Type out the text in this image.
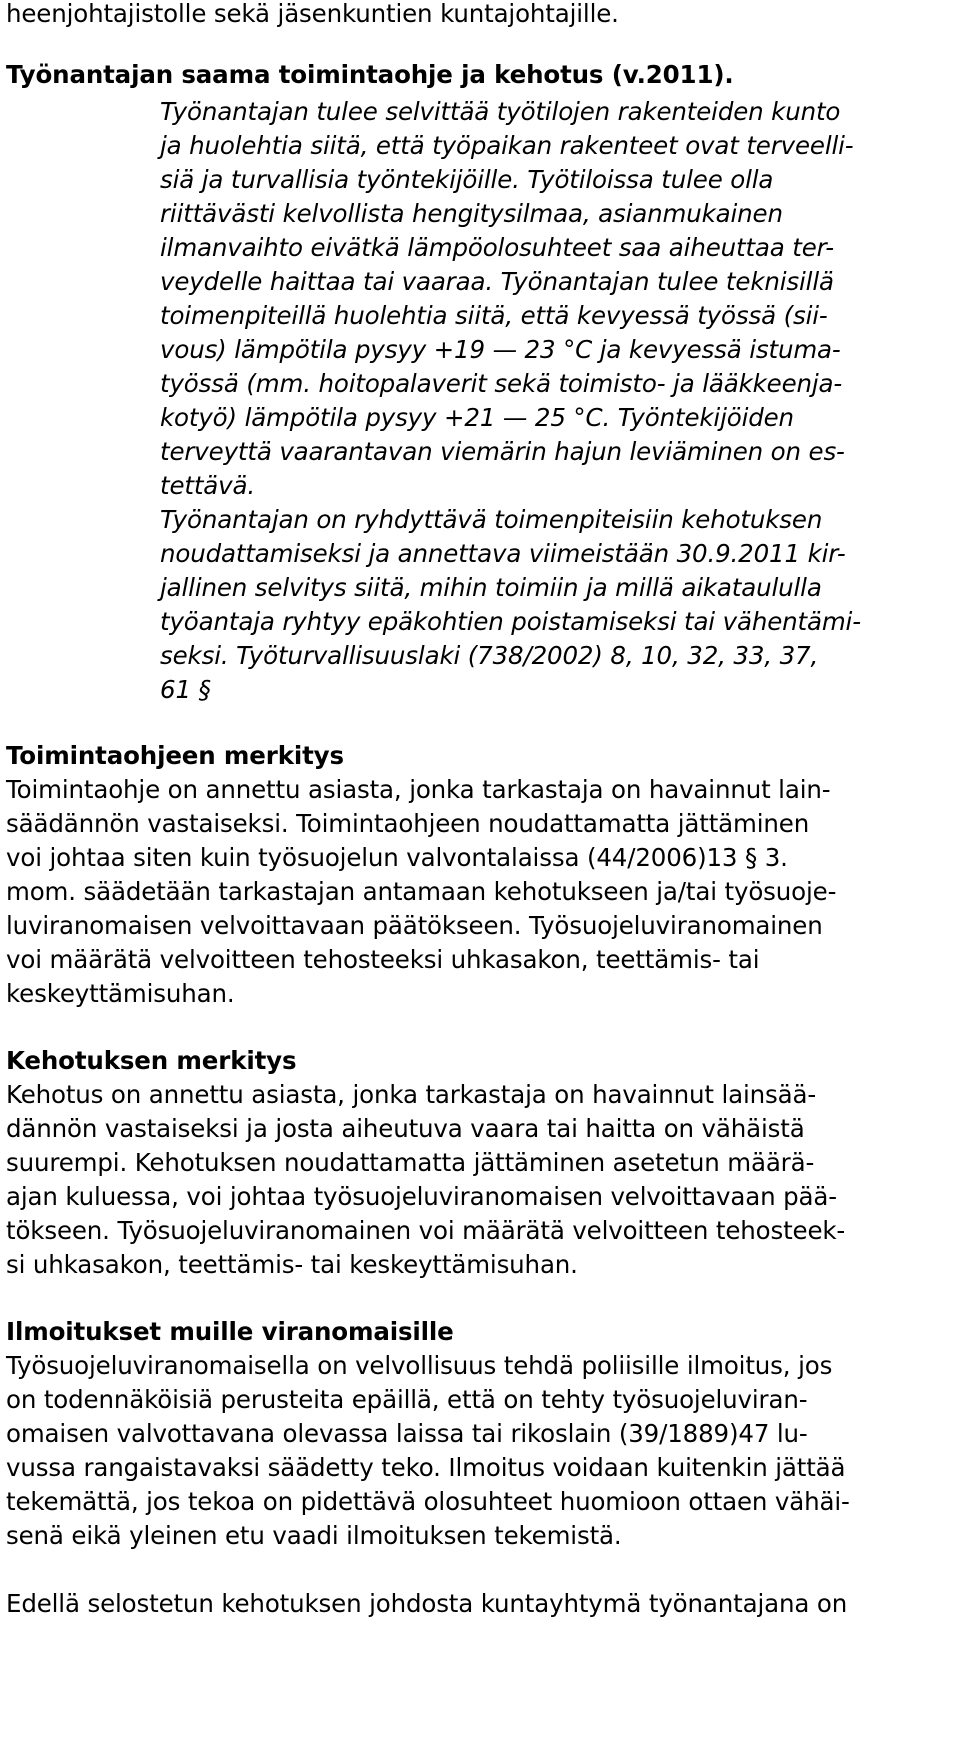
heenjohtajistolle sekä jäsenkuntien kuntajohtajille.
Työnantajan saama toimintaohje ja kehotus (v.2011).
Työnantajan tulee selvittää työtilojen rakenteiden kunto
ja huolehtia siitä, että työpaikan rakenteet ovat terveelli-
siä ja turvallisia työntekijöille. Työtiloissa tulee olla
riittävästi kelvollista hengitysilmaa, asianmukainen
ilmanvaihto eivätkä lämpöolosuhteet saa aiheuttaa ter-
veydelle haittaa tai vaaraa. Työnantajan tulee teknisillä
toimenpiteillä huolehtia siitä, että kevyessä työssä (sii-
vous) lämpötila pysyy +19 — 23 °C ja kevyessä istuma-
työssä (mm. hoitopalaverit sekä toimisto- ja lääkkeenja-
kotyö) lämpötila pysyy +21 — 25 °C. Työntekijöiden
terveyttä vaarantavan viemärin hajun leviäminen on es-
tettävä.
Työnantajan on ryhdyttävä toimenpiteisiin kehotuksen
noudattamiseksi ja annettava viimeistään 30.9.2011 kir-
jallinen selvitys siitä, mihin toimiin ja millä aikataululla
työantaja ryhtyy epäkohtien poistamiseksi tai vähentämi-
seksi. Työturvallisuuslaki (738/2002) 8, 10, 32, 33, 37,
61 §
Toimintaohjeen merkitys
Toimintaohje on annettu asiasta, jonka tarkastaja on havainnut lain-
säädännön vastaiseksi. Toimintaohjeen noudattamatta jättäminen
voi johtaa siten kuin työsuojelun valvontalaissa (44/2006)13 § 3.
mom. säädetään tarkastajan antamaan kehotukseen ja/tai työsuoje-
luviranomaisen velvoittavaan päätökseen. Työsuojeluviranomainen
voi määrätä velvoitteen tehosteeksi uhkasakon, teettämis- tai
keskeyttämisuhan.
Kehotuksen merkitys
Kehotus on annettu asiasta, jonka tarkastaja on havainnut lainsää-
dännön vastaiseksi ja josta aiheutuva vaara tai haitta on vähäistä
suurempi. Kehotuksen noudattamatta jättäminen asetetun määrä-
ajan kuluessa, voi johtaa työsuojeluviranomaisen velvoittavaan pää-
tökseen. Työsuojeluviranomainen voi määrätä velvoitteen tehosteek-
si uhkasakon, teettämis- tai keskeyttämisuhan.
Ilmoitukset muille viranomaisille
Työsuojeluviranomaisella on velvollisuus tehdä poliisille ilmoitus, jos
on todennäköisiä perusteita epäillä, että on tehty työsuojeluviran-
omaisen valvottavana olevassa laissa tai rikoslain (39/1889)47 lu-
vussa rangaistavaksi säädetty teko. Ilmoitus voidaan kuitenkin jättää
tekemättä, jos tekoa on pidettävä olosuhteet huomioon ottaen vähäi-
senä eikä yleinen etu vaadi ilmoituksen tekemistä.
Edellä selostetun kehotuksen johdosta kuntayhtymä työnantajana on
